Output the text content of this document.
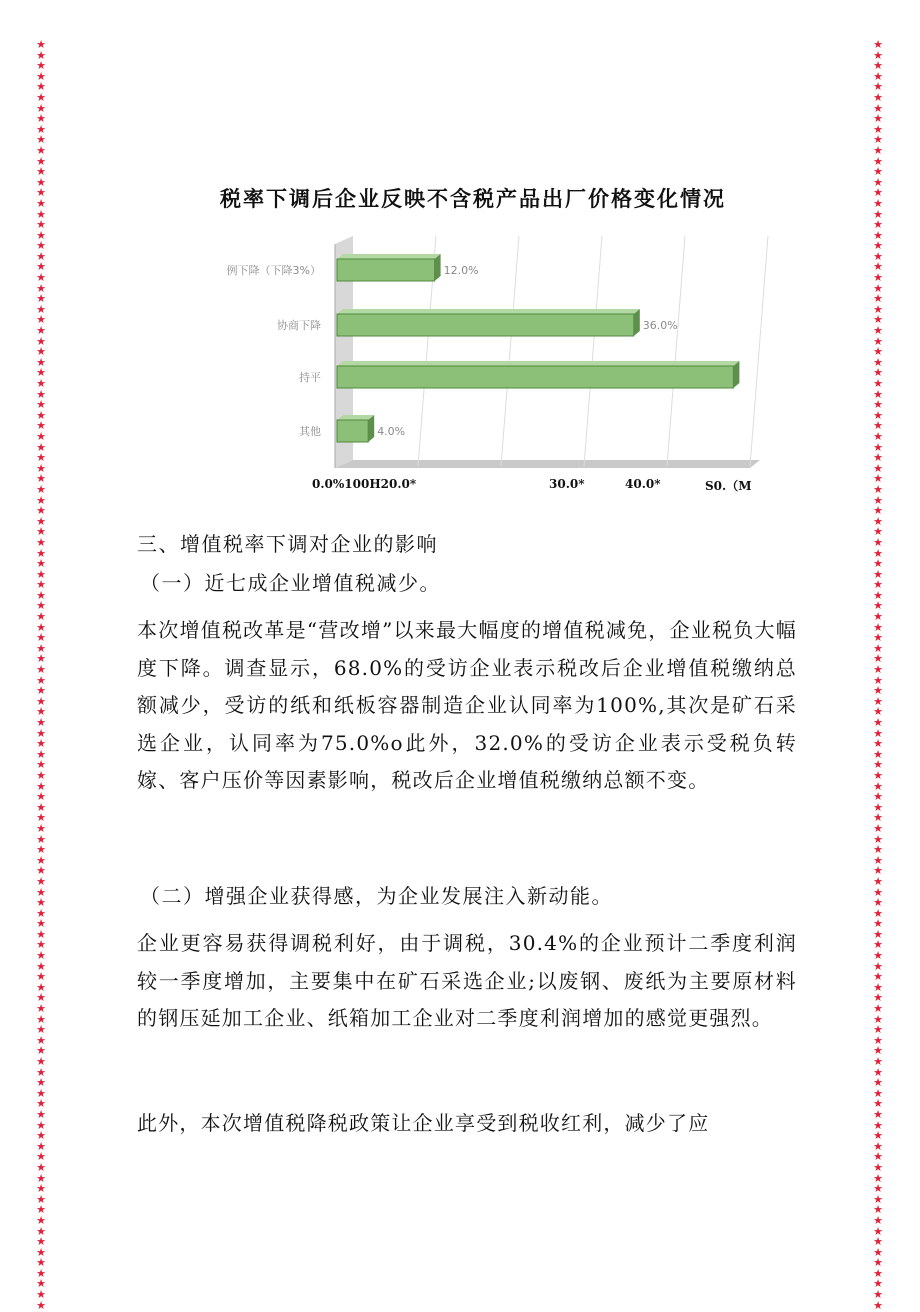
★
★
★
★
★
★
★
★
★
★
★
★
★
★
★
★
★
★
★
★
★
★
★
★
★
★
★
★
★
★
★
★
★
★
★
★
★
★
★
★
★
★
★
★
★
★
★
★
★
★
★
★
★
★
★
★
★
★
★
★
★
★
★
★
★
★
★
★
★
★
★
★
★
★
★
★
★
★
★
★
★
★
★
★
★
★
★
★
★
★
★
★
★
★
★
★
★
★
★
★
★
★
★
★
★
★
★
★
★
★
★
★
★
★
★
★
★
★
★
★

★
★
★
★
★
★
★
★
★
★
★
★
★
★
★
★
★
★
★
★
★
★
★
★
★
★
★
★
★
★
★
★
★
★
★
★
★
★
★
★
★
★
★
★
★
★
★
★
★
★
★
★
★
★
★
★
★
★
★
★
★
★
★
★
★
★
★
★
★
★
★
★
★
★
★
★
★
★
★
★
★
★
★
★
★
★
★
★
★
★
★
★
★
★
★
★
★
★
★
★
★
★
★
★
★
★
★
★
★
★
★
★
★
★
★
★
★
★
★
★

税率下调后企业反映不含税产品出厂价格变化情况
例下降（下降3%）	12.0%
协商下降	36.0%
持平
其他	4.0%
0.0%100H20.0*	30.0*	40.0*	S0.（M
三、增值税率下调对企业的影响
（一）近七成企业增值税减少。
本次增值税改革是“营改增”以来最大幅度的增值税减免，企业税负大幅度下降。调查显示，68.0%的受访企业表示税改后企业增值税缴纳总额减少，受访的纸和纸板容器制造企业认同率为100%,其次是矿石采选企业，认同率为75.0%o此外，32.0%的受访企业表示受税负转嫁、客户压价等因素影响，税改后企业增值税缴纳总额不变。
（二）增强企业获得感，为企业发展注入新动能。
企业更容易获得调税利好，由于调税，30.4%的企业预计二季度利润较一季度增加，主要集中在矿石采选企业;以废钢、废纸为主要原材料的钢压延加工企业、纸箱加工企业对二季度利润增加的感觉更强烈。
此外，本次增值税降税政策让企业享受到税收红利，减少了应
